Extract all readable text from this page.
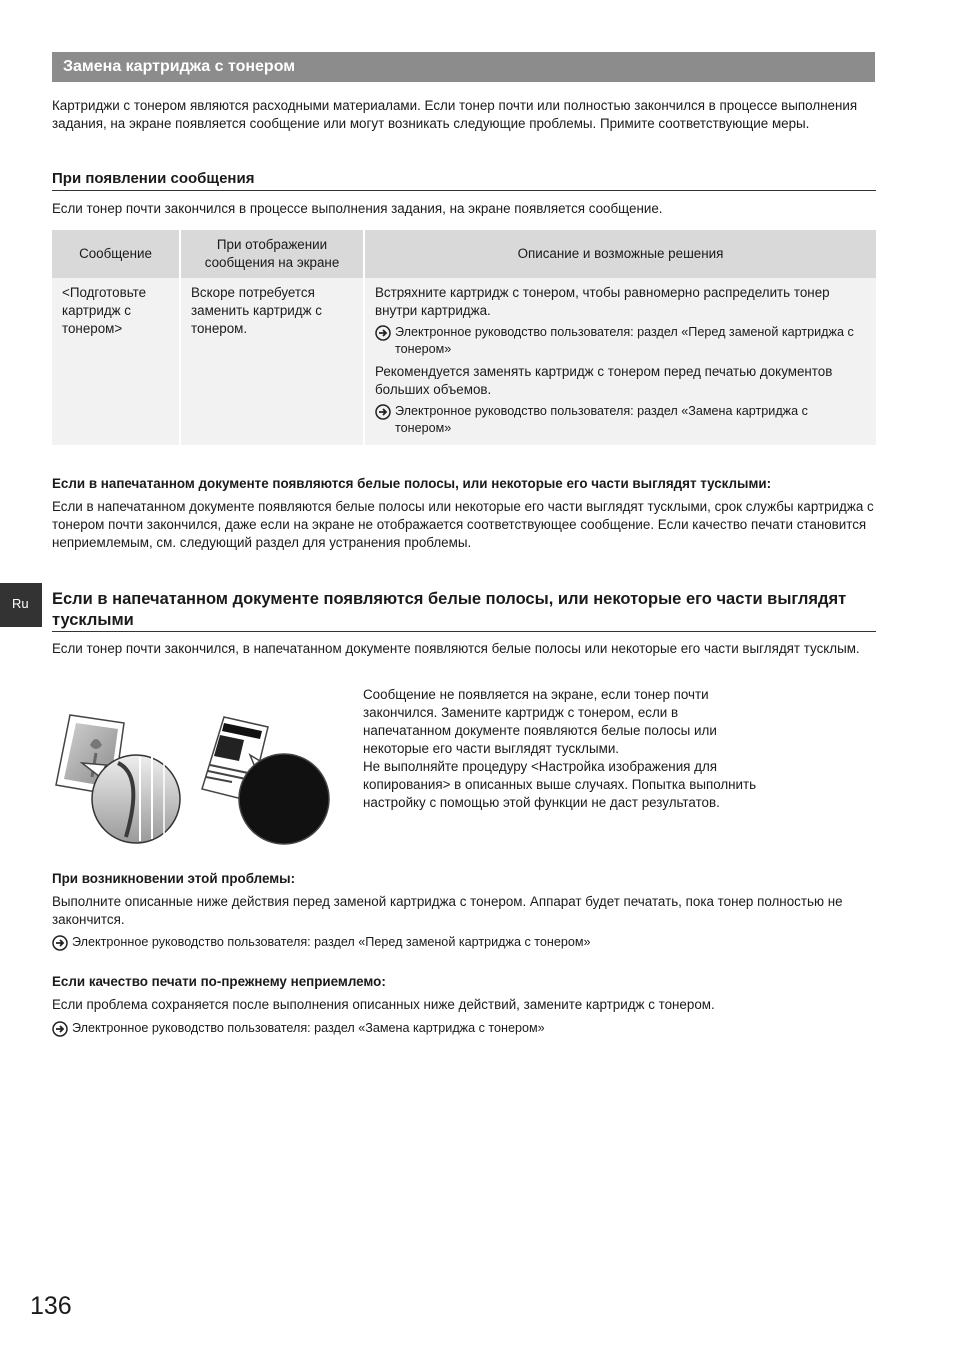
Замена картриджа с тонером
Картриджи с тонером являются расходными материалами. Если тонер почти или полностью закончился в процессе выполнения задания, на экране появляется сообщение или могут возникать следующие проблемы. Примите соответствующие меры.
При появлении сообщения
Если тонер почти закончился в процессе выполнения задания, на экране появляется сообщение.
Сообщение	При отображении сообщения на экране	Описание и возможные решения
<Подготовьте картридж с тонером>	Вскоре потребуется заменить картридж с тонером.	Встряхните картридж с тонером, чтобы равномерно распределить тонер внутри картриджа.
Электронное руководство пользователя: раздел «Перед заменой картриджа с тонером»
Рекомендуется заменять картридж с тонером перед печатью документов больших объемов.
Электронное руководство пользователя: раздел «Замена картриджа с тонером»
Если в напечатанном документе появляются белые полосы, или некоторые его части выглядят тусклыми:
Если в напечатанном документе появляются белые полосы или некоторые его части выглядят тусклыми, срок службы картриджа с тонером почти закончился, даже если на экране не отображается соответствующее сообщение. Если качество печати становится неприемлемым, см. следующий раздел для устранения проблемы.
Ru Если в напечатанном документе появляются белые полосы, или некоторые его части выглядят тусклыми
Если тонер почти закончился, в напечатанном документе появляются белые полосы или некоторые его части выглядят тусклым.
Сообщение не появляется на экране, если тонер почти закончился. Замените картридж с тонером, если в напечатанном документе появляются белые полосы или некоторые его части выглядят тусклыми.
Не выполняйте процедуру <Настройка изображения для копирования> в описанных выше случаях. Попытка выполнить настройку с помощью этой функции не даст результатов.
При возникновении этой проблемы:
Выполните описанные ниже действия перед заменой картриджа с тонером. Аппарат будет печатать, пока тонер полностью не закончится.
Электронное руководство пользователя: раздел «Перед заменой картриджа с тонером»
Если качество печати по-прежнему неприемлемо:
Если проблема сохраняется после выполнения описанных ниже действий, замените картридж с тонером.
Электронное руководство пользователя: раздел «Замена картриджа с тонером»
136
